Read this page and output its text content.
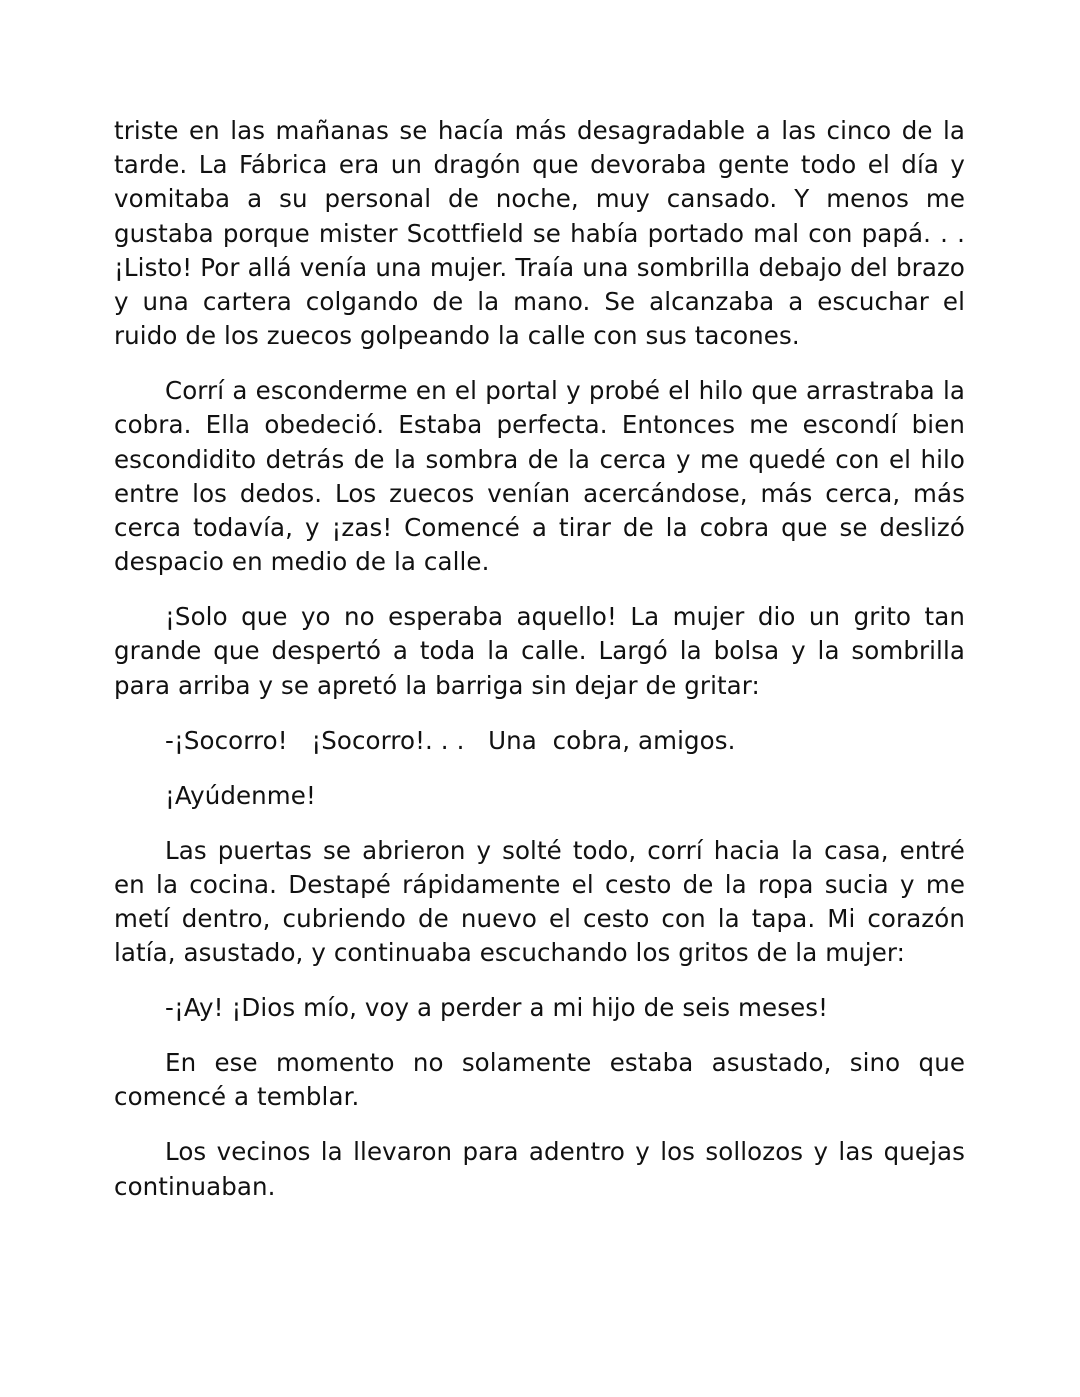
triste en las mañanas se hacía más desagradable a las cinco de la tarde. La Fábrica era un dragón que devoraba gente todo el día y vomitaba a su personal de noche, muy cansado. Y menos me gustaba porque mister Scottfield se había portado mal con papá. . . ¡Listo! Por allá venía una mujer. Traía una sombrilla debajo del brazo y una cartera colgando de la mano. Se alcanzaba a escuchar el ruido de los zuecos golpeando la calle con sus tacones.

Corrí a esconderme en el portal y probé el hilo que arrastraba la cobra. Ella obedeció. Estaba perfecta. Entonces me escondí bien escondidito detrás de la sombra de la cerca y me quedé con el hilo entre los dedos. Los zuecos venían acercándose, más cerca, más cerca todavía, y ¡zas! Comencé a tirar de la cobra que se deslizó despacio en medio de la calle.

¡Solo que yo no esperaba aquello! La mujer dio un grito tan grande que despertó a toda la calle. Largó la bolsa y la sombrilla para arriba y se apretó la barriga sin dejar de gritar:

-¡Socorro!   ¡Socorro!. . .   Una  cobra, amigos.

¡Ayúdenme!

Las puertas se abrieron y solté todo, corrí hacia la casa, entré en la cocina. Destapé rápidamente el cesto de la ropa sucia y me metí dentro, cubriendo de nuevo el cesto con la tapa. Mi corazón latía, asustado, y continuaba escuchando los gritos de la mujer:

-¡Ay! ¡Dios mío, voy a perder a mi hijo de seis meses!

En ese momento no solamente estaba asustado, sino que comencé a temblar.

Los vecinos la llevaron para adentro y los sollozos y las quejas continuaban.
